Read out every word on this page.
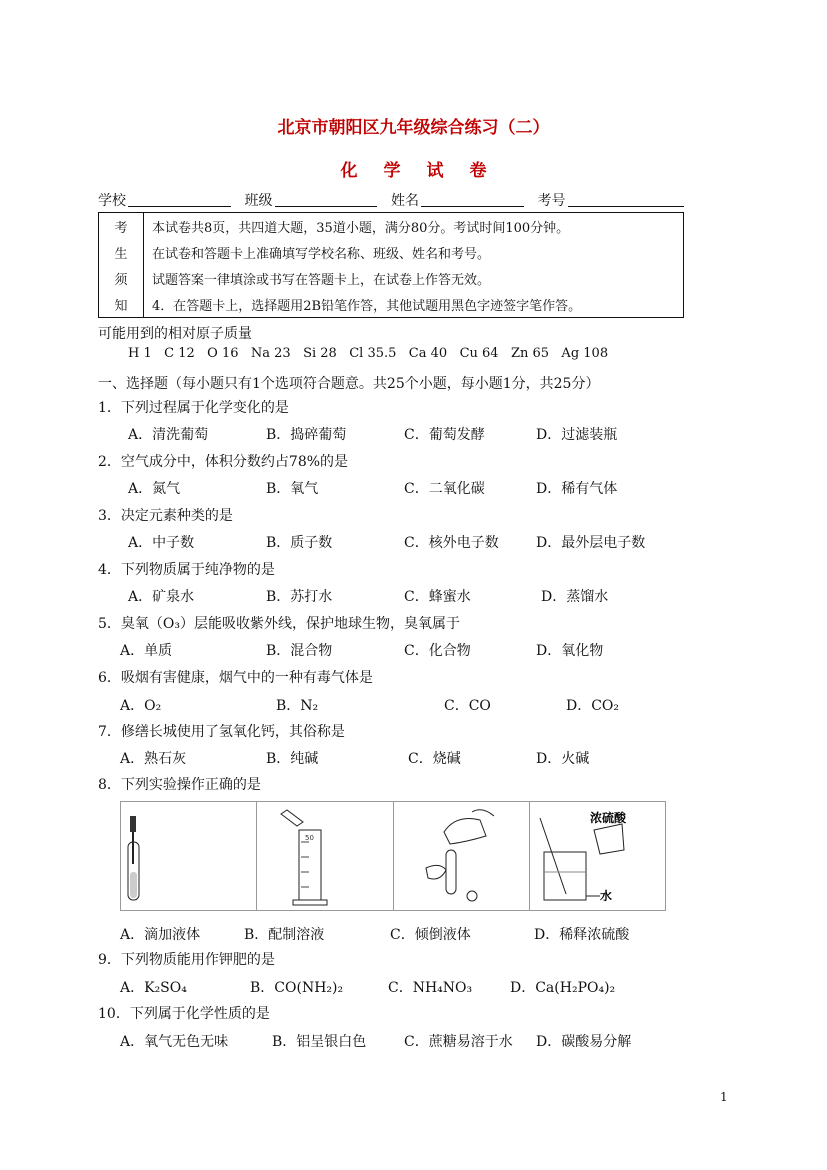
北京市朝阳区九年级综合练习（二）
化学试卷
学校	班级	姓名	考号
考	本试卷共8页，共四道大题，35道小题，满分80分。考试时间100分钟。
生	在试卷和答题卡上准确填写学校名称、班级、姓名和考号。
须	试题答案一律填涂或书写在答题卡上，在试卷上作答无效。
知	4．在答题卡上，选择题用2B铅笔作答，其他试题用黑色字迹签字笔作答。
可能用到的相对原子质量
H 1   C 12   O 16   Na 23   Si 28   Cl 35.5   Ca 40   Cu 64   Zn 65   Ag 108
一、选择题（每小题只有1个选项符合题意。共25个小题，每小题1分，共25分）
1．下列过程属于化学变化的是
A．清洗葡萄	B．捣碎葡萄	C．葡萄发酵	D．过滤装瓶
2．空气成分中，体积分数约占78%的是
A．氮气	B．氧气	C．二氧化碳	D．稀有气体
3．决定元素种类的是
A．中子数	B．质子数	C．核外电子数	D．最外层电子数
4．下列物质属于纯净物的是
A．矿泉水	B．苏打水	C．蜂蜜水	D．蒸馏水
5．臭氧（O₃）层能吸收紫外线，保护地球生物，臭氧属于
A．单质	B．混合物	C．化合物	D．氧化物
6．吸烟有害健康，烟气中的一种有毒气体是
A．O₂	B．N₂	C．CO	D．CO₂
7．修缮长城使用了氢氧化钙，其俗称是
A．熟石灰	B．纯碱	C．烧碱	D．火碱
8．下列实验操作正确的是
A．滴加液体	B．配制溶液	C．倾倒液体	D．稀释浓硫酸
9．下列物质能用作钾肥的是
A．K₂SO₄	B．CO(NH₂)₂	C．NH₄NO₃	D．Ca(H₂PO₄)₂
10．下列属于化学性质的是
A．氧气无色无味	B．铝呈银白色	C．蔗糖易溶于水 D．碳酸易分解
50
浓硫酸
水
1
